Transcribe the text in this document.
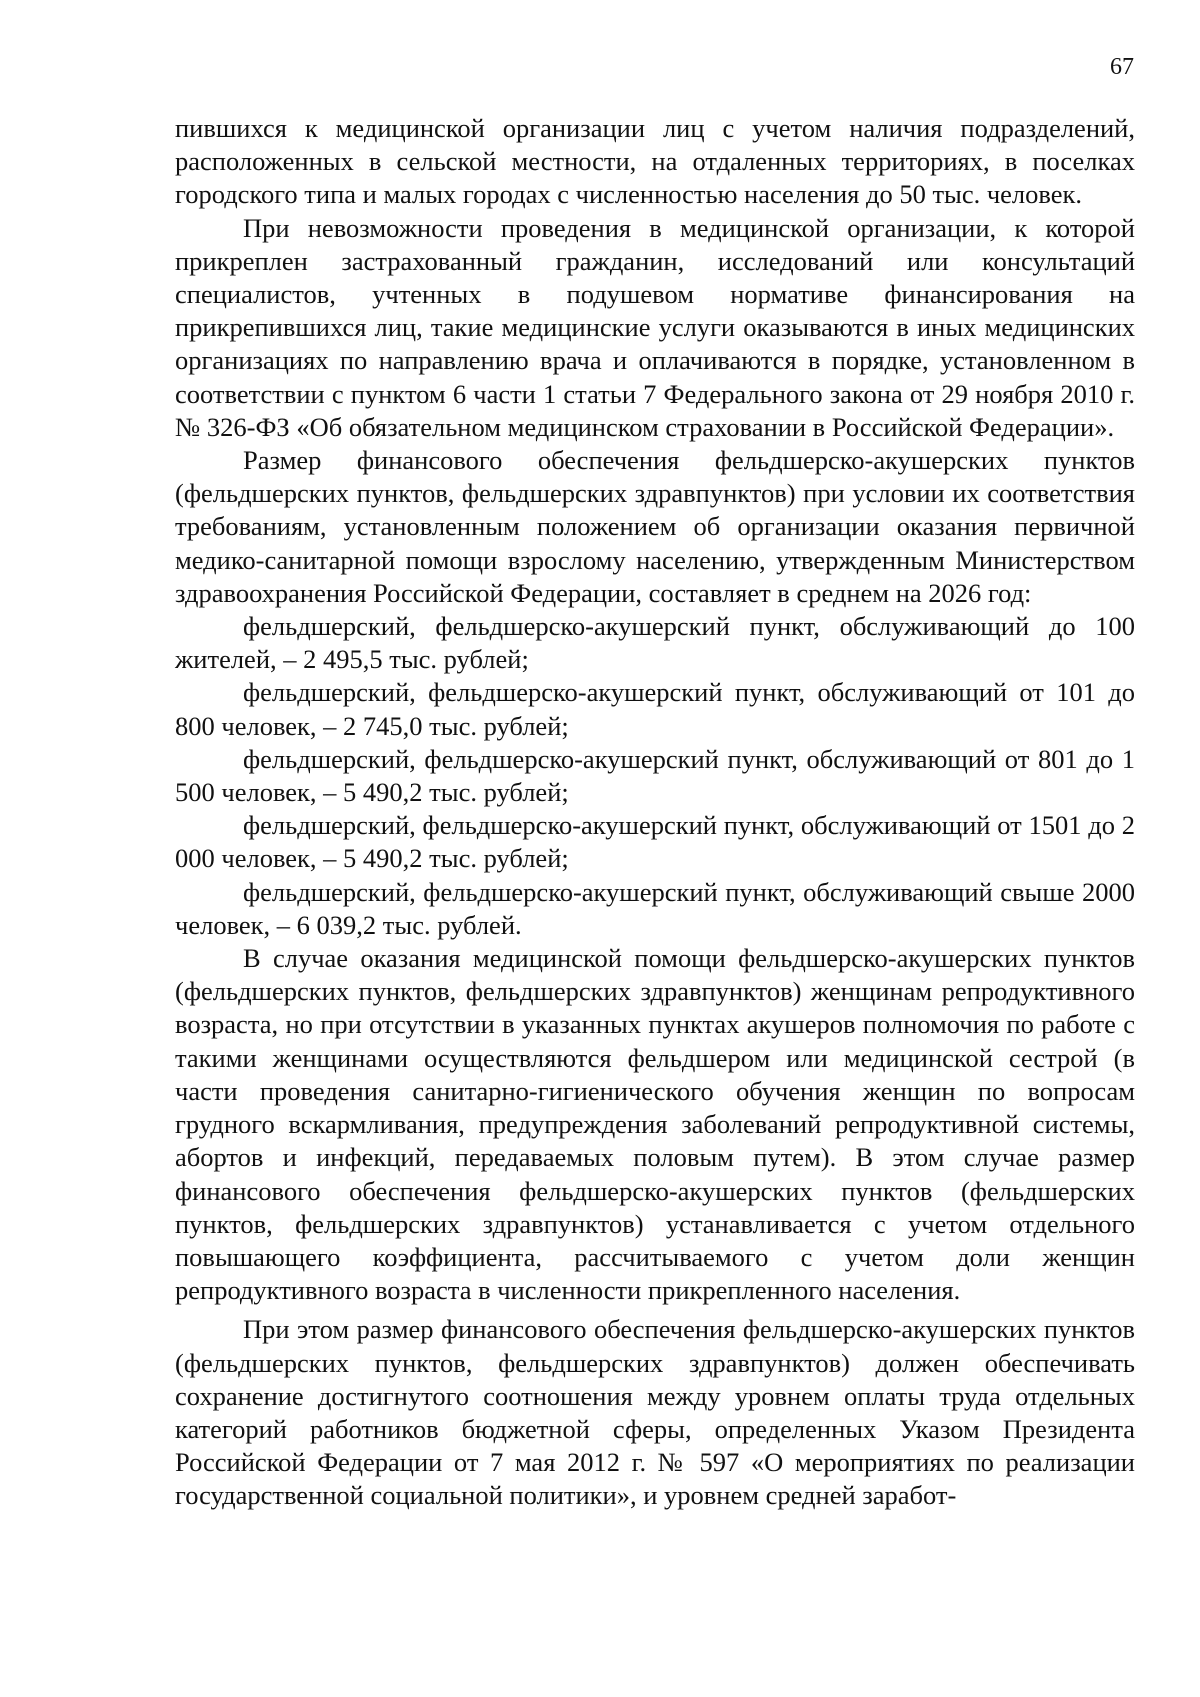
67

пившихся к медицинской организации лиц с учетом наличия подразделений, расположенных в сельской местности, на отдаленных территориях, в поселках городского типа и малых городах с численностью населения до 50 тыс. человек.

При невозможности проведения в медицинской организации, к которой прикреплен застрахованный гражданин, исследований или консультаций специалистов, учтенных в подушевом нормативе финансирования на прикрепившихся лиц, такие медицинские услуги оказываются в иных медицинских организациях по направлению врача и оплачиваются в порядке, установленном в соответствии с пунктом 6 части 1 статьи 7 Федерального закона от 29 ноября 2010 г. № 326-ФЗ «Об обязательном медицинском страховании в Российской Федерации».

Размер финансового обеспечения фельдшерско-акушерских пунктов (фельдшерских пунктов, фельдшерских здравпунктов) при условии их соответствия требованиям, установленным положением об организации оказания первичной медико-санитарной помощи взрослому населению, утвержденным Министерством здравоохранения Российской Федерации, составляет в среднем на 2026 год:

фельдшерский, фельдшерско-акушерский пункт, обслуживающий до 100 жителей, – 2 495,5 тыс. рублей;

фельдшерский, фельдшерско-акушерский пункт, обслуживающий от 101 до 800 человек, – 2 745,0 тыс. рублей;

фельдшерский, фельдшерско-акушерский пункт, обслуживающий от 801 до 1 500 человек, – 5 490,2 тыс. рублей;

фельдшерский, фельдшерско-акушерский пункт, обслуживающий от 1501 до 2 000 человек, – 5 490,2 тыс. рублей;

фельдшерский, фельдшерско-акушерский пункт, обслуживающий свыше 2000 человек, – 6 039,2 тыс. рублей.

В случае оказания медицинской помощи фельдшерско-акушерских пунктов (фельдшерских пунктов, фельдшерских здравпунктов) женщинам репродуктивного возраста, но при отсутствии в указанных пунктах акушеров полномочия по работе с такими женщинами осуществляются фельдшером или медицинской сестрой (в части проведения санитарно-гигиенического обучения женщин по вопросам грудного вскармливания, предупреждения заболеваний репродуктивной системы, абортов и инфекций, передаваемых половым путем). В этом случае размер финансового обеспечения фельдшерско-акушерских пунктов (фельдшерских пунктов, фельдшерских здравпунктов) устанавливается с учетом отдельного повышающего коэффициента, рассчитываемого с учетом доли женщин репродуктивного возраста в численности прикрепленного населения.

При этом размер финансового обеспечения фельдшерско-акушерских пунктов (фельдшерских пунктов, фельдшерских здравпунктов) должен обеспечивать сохранение достигнутого соотношения между уровнем оплаты труда отдельных категорий работников бюджетной сферы, определенных Указом Президента Российской Федерации от 7 мая 2012 г. № 597 «О мероприятиях по реализации государственной социальной политики», и уровнем средней заработ-
